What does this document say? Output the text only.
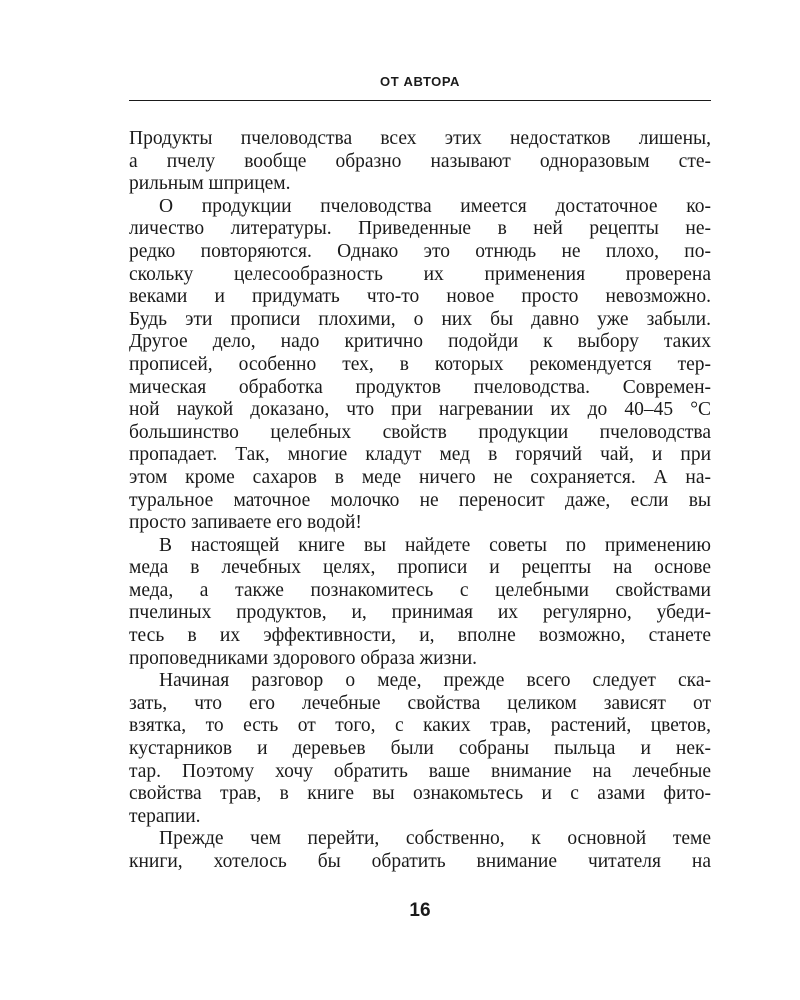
ОТ АВТОРА
Продукты пчеловодства всех этих недостатков лишены,
а пчелу вообще образно называют одноразовым сте-
рильным шприцем.
О продукции пчеловодства имеется достаточное ко-
личество литературы. Приведенные в ней рецепты не-
редко повторяются. Однако это отнюдь не плохо, по-
скольку целесообразность их применения проверена
веками и придумать что-то новое просто невозможно.
Будь эти прописи плохими, о них бы давно уже забыли.
Другое дело, надо критично подойди к выбору таких
прописей, особенно тех, в которых рекомендуется тер-
мическая обработка продуктов пчеловодства. Современ-
ной наукой доказано, что при нагревании их до 40–45 °С
большинство целебных свойств продукции пчеловодства
пропадает. Так, многие кладут мед в горячий чай, и при
этом кроме сахаров в меде ничего не сохраняется. А на-
туральное маточное молочко не переносит даже, если вы
просто запиваете его водой!
В настоящей книге вы найдете советы по применению
меда в лечебных целях, прописи и рецепты на основе
меда, а также познакомитесь с целебными свойствами
пчелиных продуктов, и, принимая их регулярно, убеди-
тесь в их эффективности, и, вполне возможно, станете
проповедниками здорового образа жизни.
Начиная разговор о меде, прежде всего следует ска-
зать, что его лечебные свойства целиком зависят от
взятка, то есть от того, с каких трав, растений, цветов,
кустарников и деревьев были собраны пыльца и нек-
тар. Поэтому хочу обратить ваше внимание на лечебные
свойства трав, в книге вы ознакомьтесь и с азами фито-
терапии.
Прежде чем перейти, собственно, к основной теме
книги, хотелось бы обратить внимание читателя на
16
